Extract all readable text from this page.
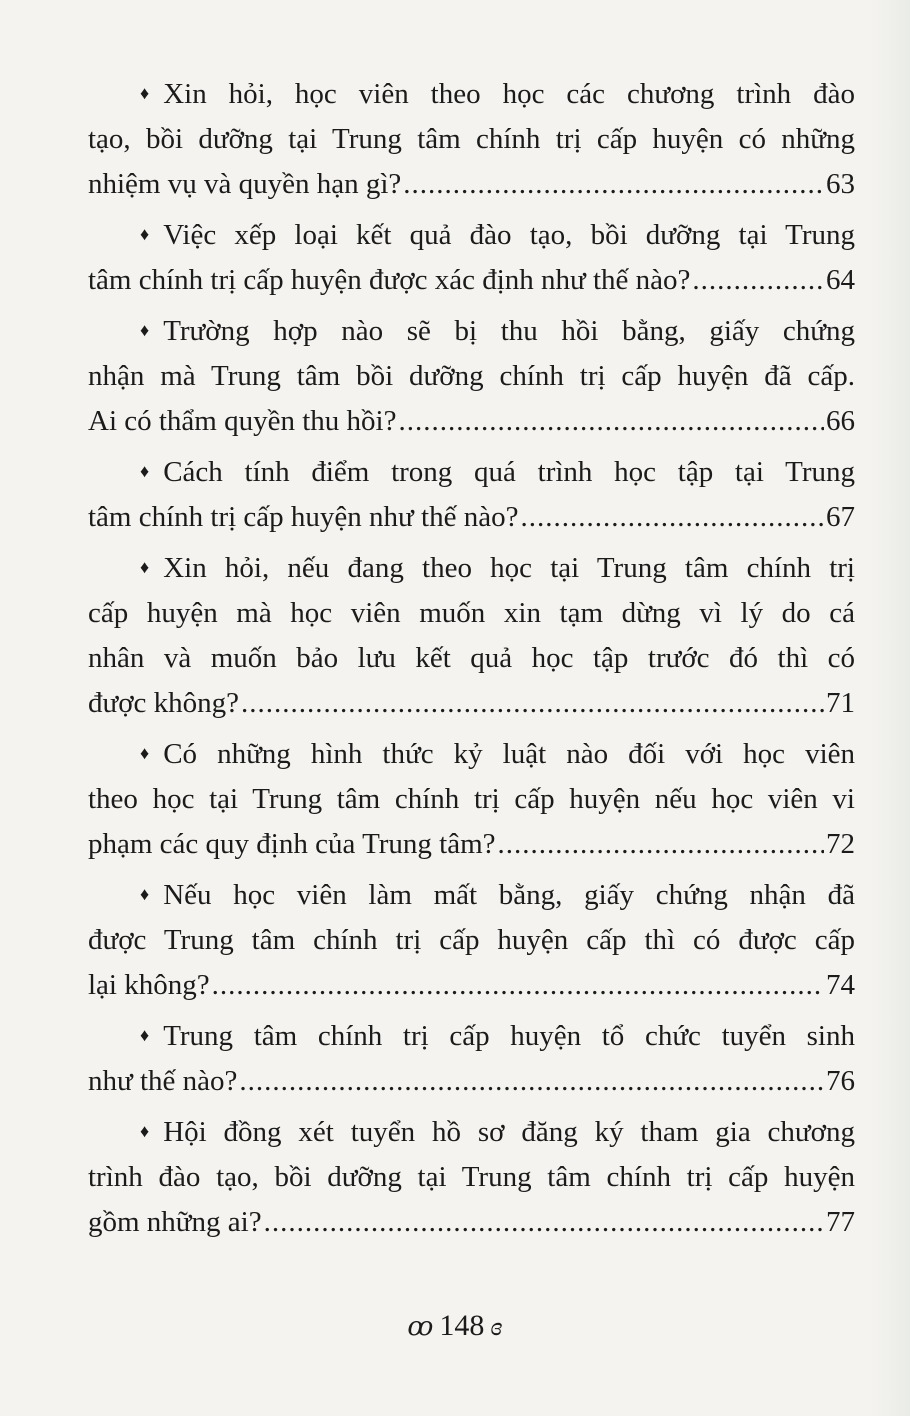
♦ Xin hỏi, học viên theo học các chương trình đào
tạo, bồi dưỡng tại Trung tâm chính trị cấp huyện có những
nhiệm vụ và quyền hạn gì? .....	63
♦ Việc xếp loại kết quả đào tạo, bồi dưỡng tại Trung
tâm chính trị cấp huyện được xác định như thế nào? .....	64
♦ Trường hợp nào sẽ bị thu hồi bằng, giấy chứng
nhận mà Trung tâm bồi dưỡng chính trị cấp huyện đã cấp.
Ai có thẩm quyền thu hồi? .....	66
♦ Cách tính điểm trong quá trình học tập tại Trung
tâm chính trị cấp huyện như thế nào? .....	67
♦ Xin hỏi, nếu đang theo học tại Trung tâm chính trị
cấp huyện mà học viên muốn xin tạm dừng vì lý do cá
nhân và muốn bảo lưu kết quả học tập trước đó thì có
được không? .....	71
♦ Có những hình thức kỷ luật nào đối với học viên
theo học tại Trung tâm chính trị cấp huyện nếu học viên vi
phạm các quy định của Trung tâm? .....	72
♦ Nếu học viên làm mất bằng, giấy chứng nhận đã
được Trung tâm chính trị cấp huyện cấp thì có được cấp
lại không? .....	74
♦ Trung tâm chính trị cấp huyện tổ chức tuyển sinh
như thế nào? .....	76
♦ Hội đồng xét tuyển hồ sơ đăng ký tham gia chương
trình đào tạo, bồi dưỡng tại Trung tâm chính trị cấp huyện
gồm những ai? .....	77
ꝏ 148 ɞ
